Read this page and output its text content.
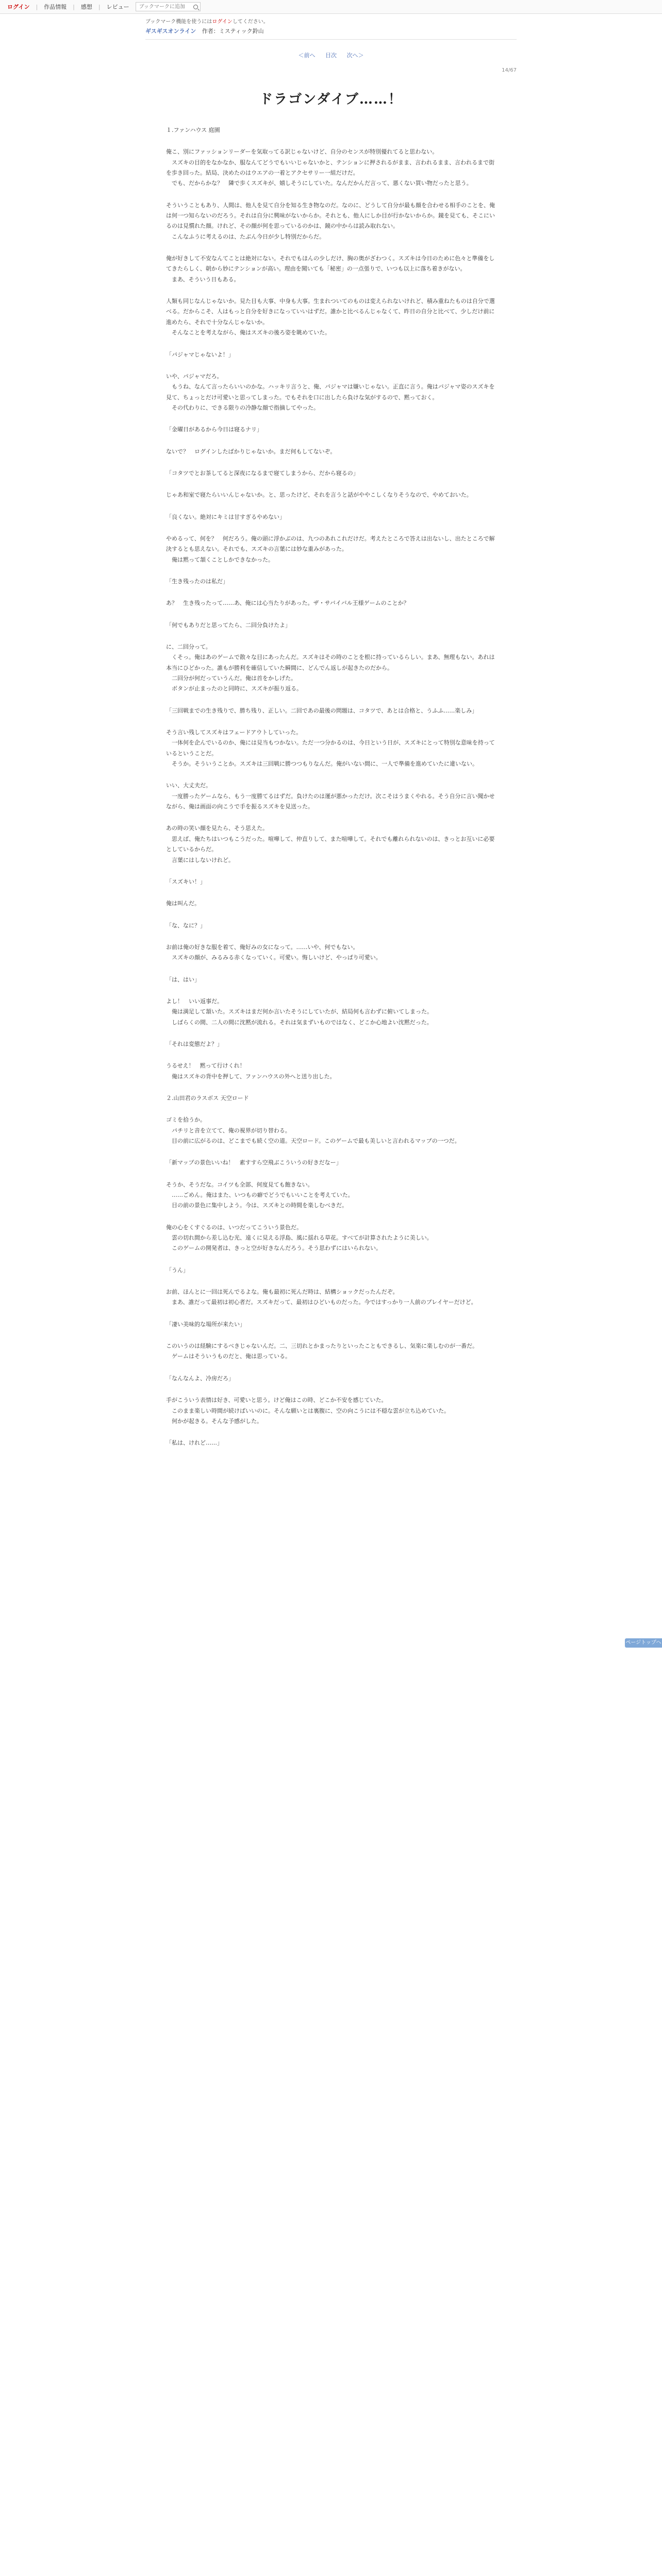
ログイン	|	作品情報	|	感想	|	レビュー
ブックマークに追加
ブックマーク機能を使うにはログインしてください。
ギスギスオンライン 作者：ミスティック鈴山
＜前へ 目次 次へ＞
14/67
ドラゴンダイブ……！

１.ファンハウス 庭園

俺こ、別にファッションリーダーを気取ってる訳じゃないけど、自分のセンスが特別優れてると思わない。
　スズキの目的をなかなか、服なんてどうでもいいじゃないかと、テンションに押されるがまま、言われるまま、言われるまで街を歩き回った。結局、決めたのはウエアの一着とアクセサリー一組だけだ。
　でも、だからかな？　隣で歩くスズキが、嬉しそうにしていた。なんだかんだ言って、悪くない買い物だったと思う。

そういうこともあり、人間は、他人を見て自分を知る生き物なのだ。なのに、どうして自分が最も顔を合わせる相手のことを、俺は何一つ知らないのだろう。それは自分に興味がないからか。それとも、他人にしか目が行かないからか。鏡を見ても、そこにいるのは見慣れた顔。けれど、その顔が何を思っているのかは、鏡の中からは読み取れない。
　こんなふうに考えるのは、たぶん今日が少し特別だからだ。

俺が好きして不安なんてことは絶対にない。それでもほんの少しだけ、胸の奥がざわつく。スズキは今日のために色々と準備をしてきたらしく、朝から妙にテンションが高い。理由を聞いても「秘密」の一点張りで、いつも以上に落ち着きがない。
　まあ、そういう日もある。

人類も同じなんじゃないか。見た目も大事、中身も大事。生まれついてのものは変えられないけれど、積み重ねたものは自分で選べる。だからこそ、人はもっと自分を好きになっていいはずだ。誰かと比べるんじゃなくて、昨日の自分と比べて、少しだけ前に進めたら、それで十分なんじゃないか。
　そんなことを考えながら、俺はスズキの後ろ姿を眺めていた。

「パジャマじゃないよ！」

いや、パジャマだろ。
　もうね、なんて言ったらいいのかな。ハッキリ言うと、俺、パジャマは嫌いじゃない。正直に言う。俺はパジャマ姿のスズキを見て、ちょっとだけ可愛いと思ってしまった。でもそれを口に出したら負けな気がするので、黙っておく。
　その代わりに、できる限りの冷静な顔で指摘してやった。

「金曜日があるから今日は寝るナリ」

ないで？　ログインしたばかりじゃないか。まだ何もしてないぞ。

「コタツでとお茶してると深夜になるまで寝てしまうから、だから寝るの」

じゃあ和室で寝たらいいんじゃないか。と、思ったけど、それを言うと話がややこしくなりそうなので、やめておいた。

「良くない。絶対にキミは甘すぎるやめない」

やめるって、何を？　何だろう。俺の頭に浮かぶのは、九つのあれこれだけだ。考えたところで答えは出ないし、出たところで解決するとも思えない。それでも、スズキの言葉には妙な重みがあった。
　俺は黙って頷くことしかできなかった。

「生き残ったのは私だ」

あ？　生き残ったって……あ、俺には心当たりがあった。ザ・サバイバル王様ゲームのことか？

「何でもありだと思ってたら、二回分負けたよ」

に、二回分って。
　くそっ。俺はあのゲームで散々な目にあったんだ。スズキはその時のことを根に持っているらしい。まあ、無理もない。あれは本当にひどかった。誰もが勝利を確信していた瞬間に、どんでん返しが起きたのだから。
　二回分が何だっていうんだ。俺は首をかしげた。
　ボタンが止まったのと同時に、スズキが振り返る。

「三回戦までの生き残りで、勝ち残り、正しい。二回であの最後の問題は、コタツで、あとは合格と、うふふ……楽しみ」

そう言い残してスズキはフェードアウトしていった。
　一体何を企んでいるのか、俺には見当もつかない。ただ一つ分かるのは、今日という日が、スズキにとって特別な意味を持っているということだ。
　そうか。そういうことか。スズキは三回戦に勝つつもりなんだ。俺がいない間に、一人で準備を進めていたに違いない。

いい、大丈夫だ。
　一度勝ったゲームなら、もう一度勝てるはずだ。負けたのは運が悪かっただけ。次こそはうまくやれる。そう自分に言い聞かせながら、俺は画面の向こうで手を振るスズキを見送った。

あの時の笑い顔を見たら、そう思えた。
　思えば、俺たちはいつもこうだった。喧嘩して、仲直りして、また喧嘩して。それでも離れられないのは、きっとお互いに必要としているからだ。
　言葉にはしないけれど。

「スズキい！」

俺は叫んだ。

「な、なに？」

お前は俺の好きな服を着て、俺好みの女になって。……いや、何でもない。
　スズキの顔が、みるみる赤くなっていく。可愛い。悔しいけど、やっぱり可愛い。

「は、はい」

よし！　いい返事だ。
　俺は満足して頷いた。スズキはまだ何か言いたそうにしていたが、結局何も言わずに俯いてしまった。
　しばらくの間、二人の間に沈黙が流れる。それは気まずいものではなく、どこか心地よい沈黙だった。

「それは変態だよ？」

うるせえ！　黙って行けくれ！
　俺はスズキの背中を押して、ファンハウスの外へと送り出した。

２.山田君のラスボス 天空ロード

ゴミを拾うか。
　パチリと音を立てて、俺の視界が切り替わる。
　目の前に広がるのは、どこまでも続く空の道。天空ロード。このゲームで最も美しいと言われるマップの一つだ。

「新マップの景色いいね！　素すすら空飛ぶこういうの好きだなー」

そうか、そうだな。コイツも全部、何度見ても飽きない。
　……ごめん。俺はまた、いつもの癖でどうでもいいことを考えていた。
　目の前の景色に集中しよう。今は、スズキとの時間を楽しむべきだ。

俺の心をくすぐるのは、いつだってこういう景色だ。
　雲の切れ間から差し込む光、遠くに見える浮島、風に揺れる草花。すべてが計算されたように美しい。
　このゲームの開発者は、きっと空が好きなんだろう。そう思わずにはいられない。

「うん」

お前、ほんとに一回は死んでるよな。俺も最初に死んだ時は、結構ショックだったんだぞ。
　まあ、誰だって最初は初心者だ。スズキだって、最初はひどいものだった。今ではすっかり一人前のプレイヤーだけど。

「凄い美味的な場所が来たい」

このいうのは経験にするべきじゃないんだ。二、三切れとかまったりといったこともできるし、気楽に楽しむのが一番だ。
　ゲームはそういうものだと、俺は思っている。

「なんなんよ、冷房だろ」

手がこういう表情は好き、可愛いと思う。けど俺はこの時、どこか不安を感じていた。
　このまま楽しい時間が続けばいいのに。そんな願いとは裏腹に、空の向こうには不穏な雲が立ち込めていた。
　何かが起きる。そんな予感がした。

「私は、けれど……」

ページトップへ
